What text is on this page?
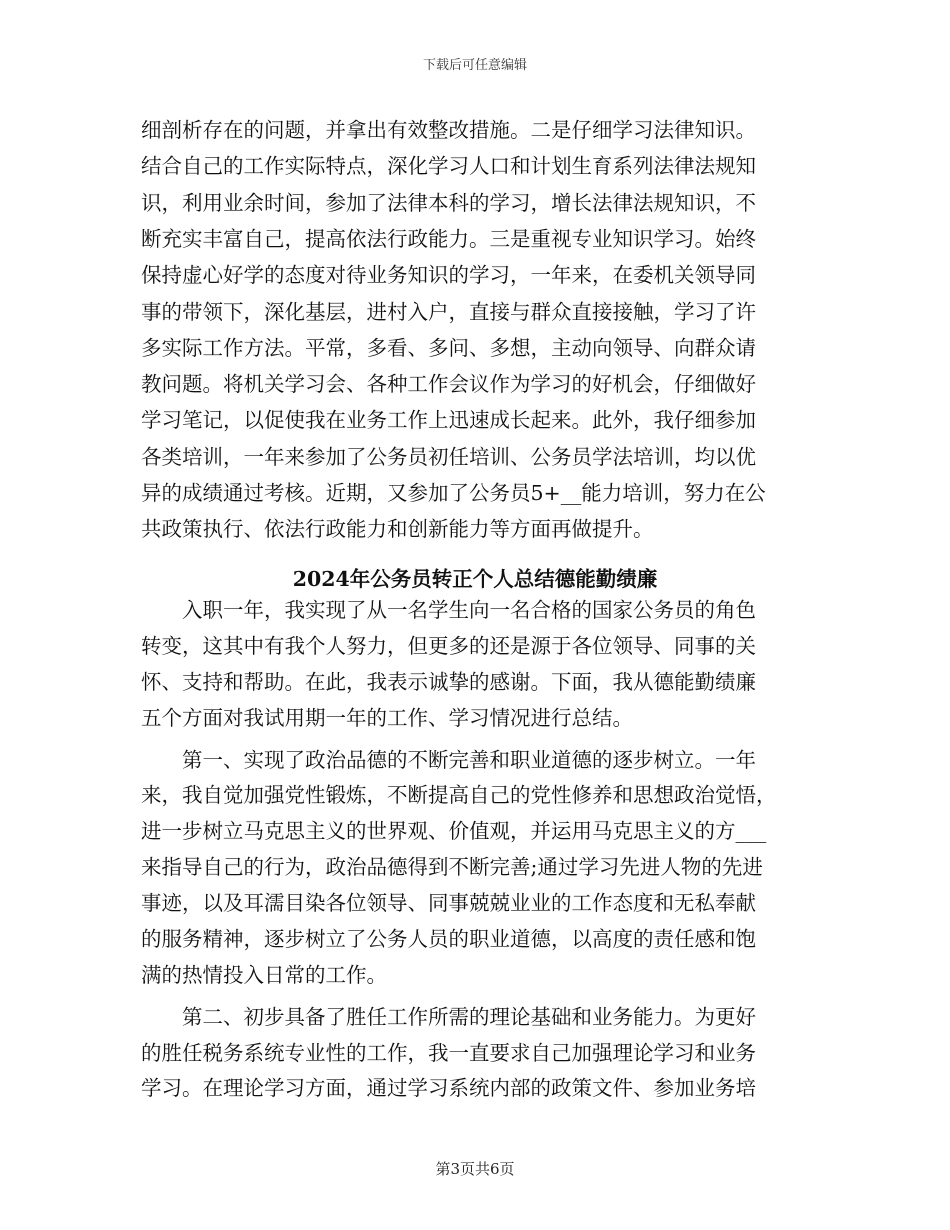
下载后可任意编辑
细剖析存在的问题，并拿出有效整改措施。二是仔细学习法律知识。
结合自己的工作实际特点，深化学习人口和计划生育系列法律法规知
识，利用业余时间，参加了法律本科的学习，增长法律法规知识，不
断充实丰富自己，提高依法行政能力。三是重视专业知识学习。始终
保持虚心好学的态度对待业务知识的学习，一年来，在委机关领导同
事的带领下，深化基层，进村入户，直接与群众直接接触，学习了许
多实际工作方法。平常，多看、多问、多想，主动向领导、向群众请
教问题。将机关学习会、各种工作会议作为学习的好机会，仔细做好
学习笔记，以促使我在业务工作上迅速成长起来。此外，我仔细参加
各类培训，一年来参加了公务员初任培训、公务员学法培训，均以优
异的成绩通过考核。近期，又参加了公务员5+__能力培训，努力在公
共政策执行、依法行政能力和创新能力等方面再做提升。
2024年公务员转正个人总结德能勤绩廉
　　入职一年，我实现了从一名学生向一名合格的国家公务员的角色
转变，这其中有我个人努力，但更多的还是源于各位领导、同事的关
怀、支持和帮助。在此，我表示诚挚的感谢。下面，我从德能勤绩廉
五个方面对我试用期一年的工作、学习情况进行总结。
　　第一、实现了政治品德的不断完善和职业道德的逐步树立。一年
来，我自觉加强党性锻炼，不断提高自己的党性修养和思想政治觉悟，
进一步树立马克思主义的世界观、价值观，并运用马克思主义的方___
来指导自己的行为，政治品德得到不断完善;通过学习先进人物的先进
事迹，以及耳濡目染各位领导、同事兢兢业业的工作态度和无私奉献
的服务精神，逐步树立了公务人员的职业道德，以高度的责任感和饱
满的热情投入日常的工作。
　　第二、初步具备了胜任工作所需的理论基础和业务能力。为更好
的胜任税务系统专业性的工作，我一直要求自己加强理论学习和业务
学习。在理论学习方面，通过学习系统内部的政策文件、参加业务培
第3页共6页
